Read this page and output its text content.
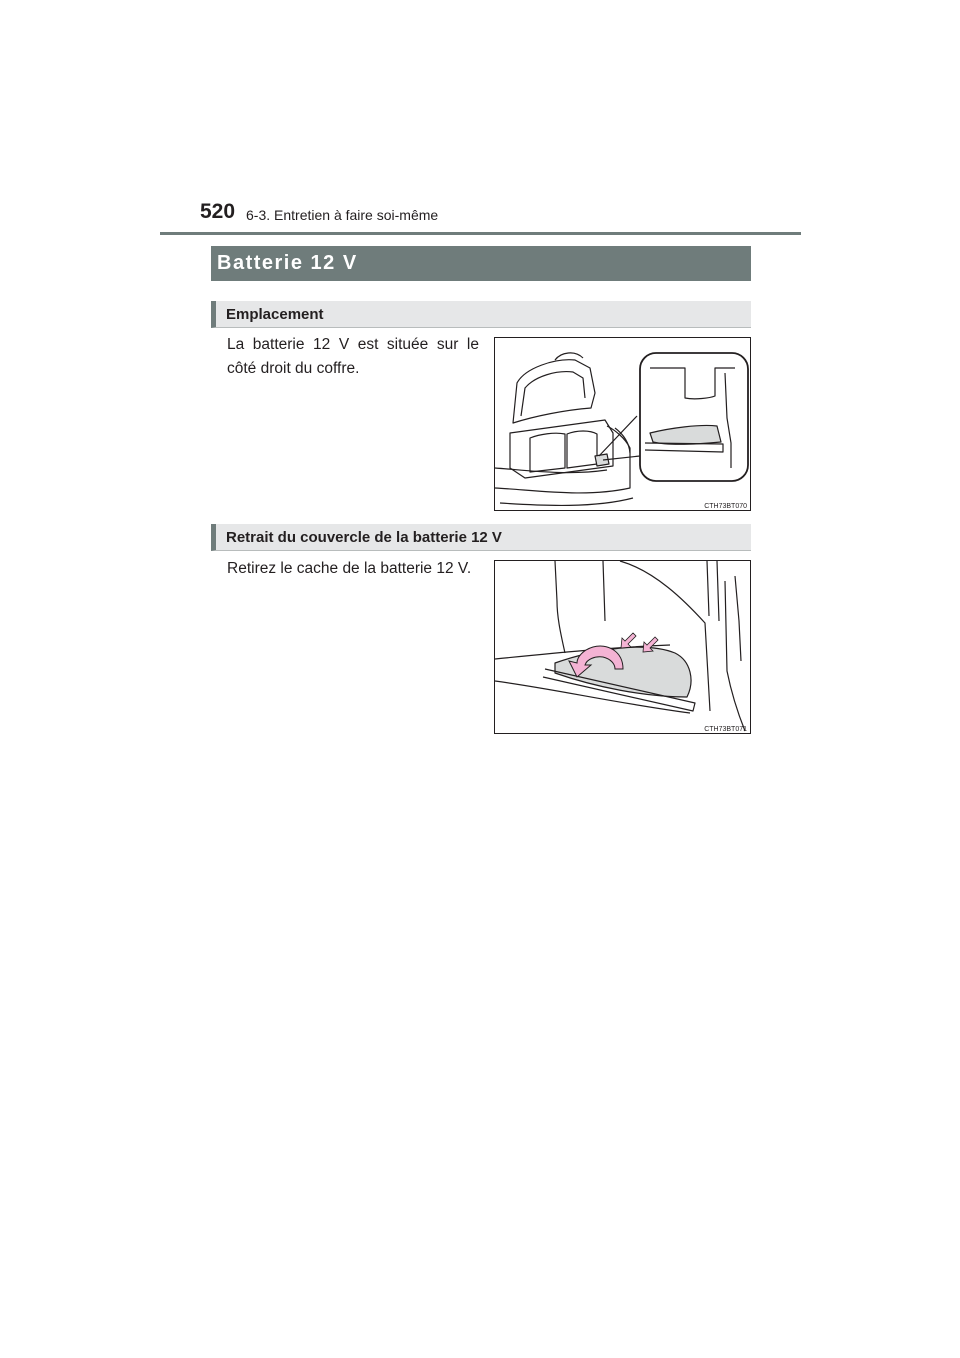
520 6-3. Entretien à faire soi-même
Batterie 12 V
Emplacement
La batterie 12 V est située sur le côté droit du coffre.
CTH73BT070
Retrait du couvercle de la batterie 12 V
Retirez le cache de la batterie 12 V.
CTH73BT071
